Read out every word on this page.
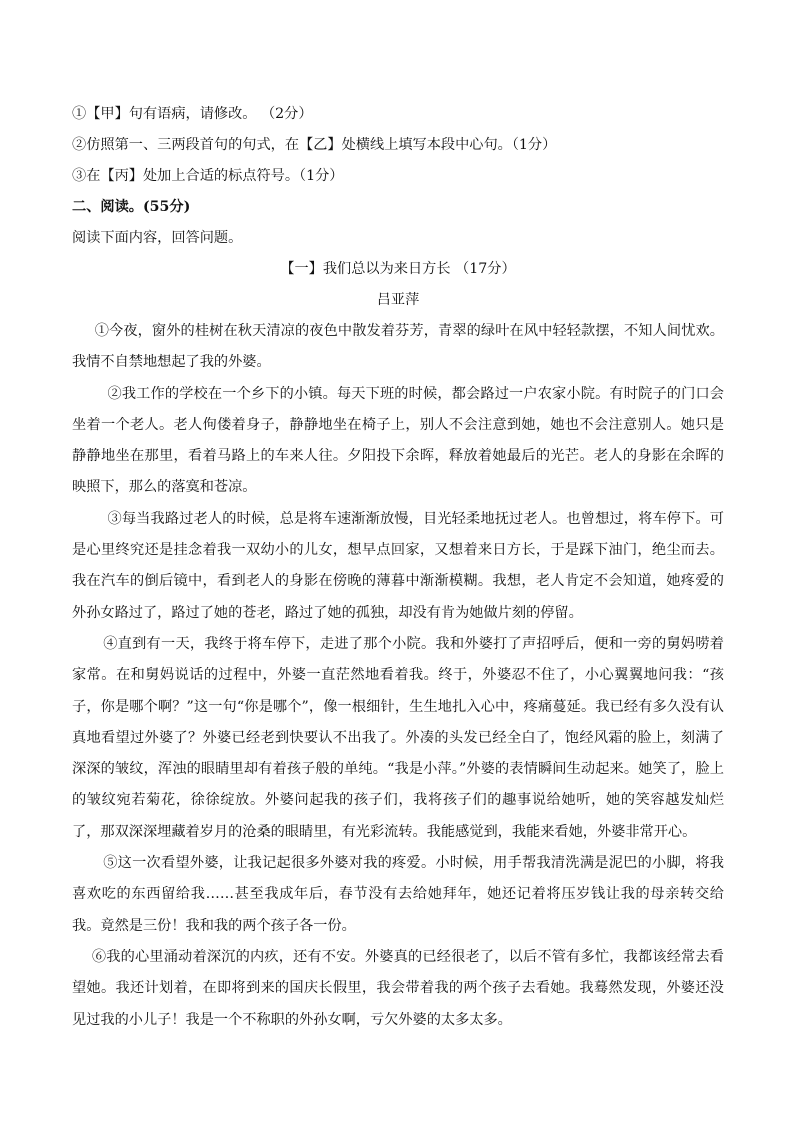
①【甲】句有语病，请修改。 （2分）

②仿照第一、三两段首句的句式，在【乙】处横线上填写本段中心句。（1分）

③在【丙】处加上合适的标点符号。（1分）

二、阅读。(55分)

阅读下面内容，回答问题。

【一】我们总以为来日方长 （17分）

吕亚萍

①今夜，窗外的桂树在秋天清凉的夜色中散发着芬芳，青翠的绿叶在风中轻轻款摆，不知人间忧欢。我情不自禁地想起了我的外婆。

②我工作的学校在一个乡下的小镇。每天下班的时候，都会路过一户农家小院。有时院子的门口会坐着一个老人。老人佝偻着身子，静静地坐在椅子上，别人不会注意到她，她也不会注意别人。她只是静静地坐在那里，看着马路上的车来人往。夕阳投下余晖，释放着她最后的光芒。老人的身影在余晖的映照下，那么的落寞和苍凉。

③每当我路过老人的时候，总是将车速渐渐放慢，目光轻柔地抚过老人。也曾想过，将车停下。可是心里终究还是挂念着我一双幼小的儿女，想早点回家，又想着来日方长，于是踩下油门，绝尘而去。我在汽车的倒后镜中，看到老人的身影在傍晚的薄暮中渐渐模糊。我想，老人肯定不会知道，她疼爱的外孙女路过了，路过了她的苍老，路过了她的孤独，却没有肯为她做片刻的停留。

④直到有一天，我终于将车停下，走进了那个小院。我和外婆打了声招呼后，便和一旁的舅妈唠着家常。在和舅妈说话的过程中，外婆一直茫然地看着我。终于，外婆忍不住了，小心翼翼地问我：“孩子，你是哪个啊？”这一句“你是哪个”，像一根细针，生生地扎入心中，疼痛蔓延。我已经有多久没有认真地看望过外婆了？外婆已经老到快要认不出我了。外凑的头发已经全白了，饱经风霜的脸上，刻满了深深的皱纹，浑浊的眼睛里却有着孩子般的单纯。“我是小萍。”外婆的表情瞬间生动起来。她笑了，脸上的皱纹宛若菊花，徐徐绽放。外婆问起我的孩子们，我将孩子们的趣事说给她听，她的笑容越发灿烂了，那双深深埋藏着岁月的沧桑的眼睛里，有光彩流转。我能感觉到，我能来看她，外婆非常开心。

⑤这一次看望外婆，让我记起很多外婆对我的疼爱。小时候，用手帮我清洗满是泥巴的小脚，将我喜欢吃的东西留给我……甚至我成年后，春节没有去给她拜年，她还记着将压岁钱让我的母亲转交给我。竟然是三份！我和我的两个孩子各一份。

⑥我的心里涌动着深沉的内疚，还有不安。外婆真的已经很老了，以后不管有多忙，我都该经常去看望她。我还计划着，在即将到来的国庆长假里，我会带着我的两个孩子去看她。我蓦然发现，外婆还没见过我的小儿子！我是一个不称职的外孙女啊，亏欠外婆的太多太多。
